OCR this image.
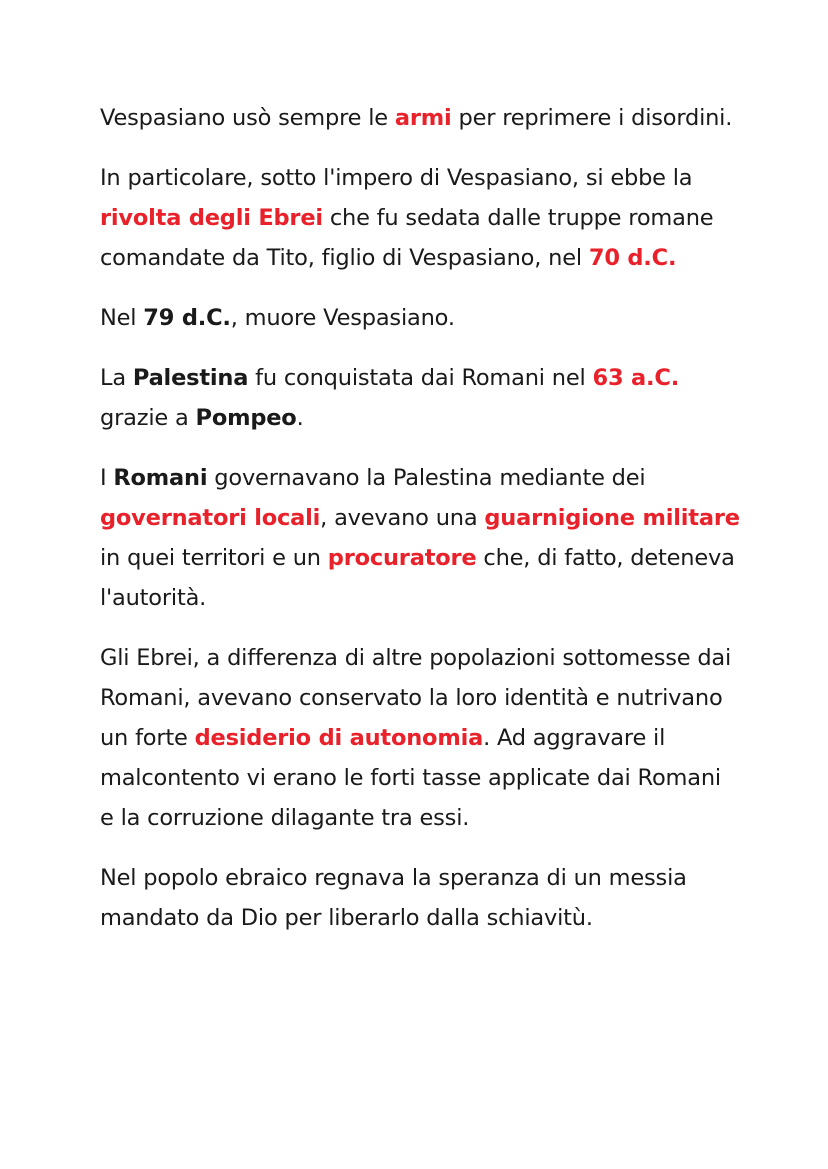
Vespasiano usò sempre le armi per reprimere i disordini.

In particolare, sotto l'impero di Vespasiano, si ebbe la rivolta degli Ebrei che fu sedata dalle truppe romane comandate da Tito, figlio di Vespasiano, nel 70 d.C.

Nel 79 d.C., muore Vespasiano.

La Palestina fu conquistata dai Romani nel 63 a.C. grazie a Pompeo.

I Romani governavano la Palestina mediante dei governatori locali, avevano una guarnigione militare in quei territori e un procuratore che, di fatto, deteneva l'autorità.

Gli Ebrei, a differenza di altre popolazioni sottomesse dai Romani, avevano conservato la loro identità e nutrivano un forte desiderio di autonomia. Ad aggravare il malcontento vi erano le forti tasse applicate dai Romani e la corruzione dilagante tra essi.

Nel popolo ebraico regnava la speranza di un messia mandato da Dio per liberarlo dalla schiavitù.
